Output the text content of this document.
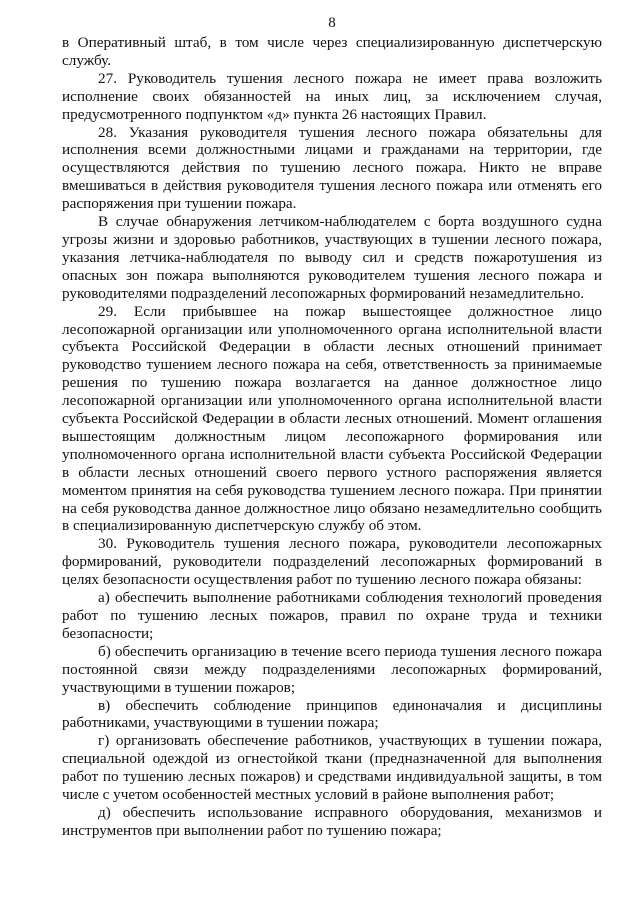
8

в Оперативный штаб, в том числе через специализированную диспетчерскую службу.

27. Руководитель тушения лесного пожара не имеет права возложить исполнение своих обязанностей на иных лиц, за исключением случая, предусмотренного подпунктом «д» пункта 26 настоящих Правил.

28. Указания руководителя тушения лесного пожара обязательны для исполнения всеми должностными лицами и гражданами на территории, где осуществляются действия по тушению лесного пожара. Никто не вправе вмешиваться в действия руководителя тушения лесного пожара или отменять его распоряжения при тушении пожара.

В случае обнаружения летчиком-наблюдателем с борта воздушного судна угрозы жизни и здоровью работников, участвующих в тушении лесного пожара, указания летчика-наблюдателя по выводу сил и средств пожаротушения из опасных зон пожара выполняются руководителем тушения лесного пожара и руководителями подразделений лесопожарных формирований незамедлительно.

29. Если прибывшее на пожар вышестоящее должностное лицо лесопожарной организации или уполномоченного органа исполнительной власти субъекта Российской Федерации в области лесных отношений принимает руководство тушением лесного пожара на себя, ответственность за принимаемые решения по тушению пожара возлагается на данное должностное лицо лесопожарной организации или уполномоченного органа исполнительной власти субъекта Российской Федерации в области лесных отношений. Момент оглашения вышестоящим должностным лицом лесопожарного формирования или уполномоченного органа исполнительной власти субъекта Российской Федерации в области лесных отношений своего первого устного распоряжения является моментом принятия на себя руководства тушением лесного пожара. При принятии на себя руководства данное должностное лицо обязано незамедлительно сообщить в специализированную диспетчерскую службу об этом.

30. Руководитель тушения лесного пожара, руководители лесопожарных формирований, руководители подразделений лесопожарных формирований в целях безопасности осуществления работ по тушению лесного пожара обязаны:

а) обеспечить выполнение работниками соблюдения технологий проведения работ по тушению лесных пожаров, правил по охране труда и техники безопасности;

б) обеспечить организацию в течение всего периода тушения лесного пожара постоянной связи между подразделениями лесопожарных формирований, участвующими в тушении пожаров;

в) обеспечить соблюдение принципов единоначалия и дисциплины работниками, участвующими в тушении пожара;

г) организовать обеспечение работников, участвующих в тушении пожара, специальной одеждой из огнестойкой ткани (предназначенной для выполнения работ по тушению лесных пожаров) и средствами индивидуальной защиты, в том числе с учетом особенностей местных условий в районе выполнения работ;

д) обеспечить использование исправного оборудования, механизмов и инструментов при выполнении работ по тушению пожара;
